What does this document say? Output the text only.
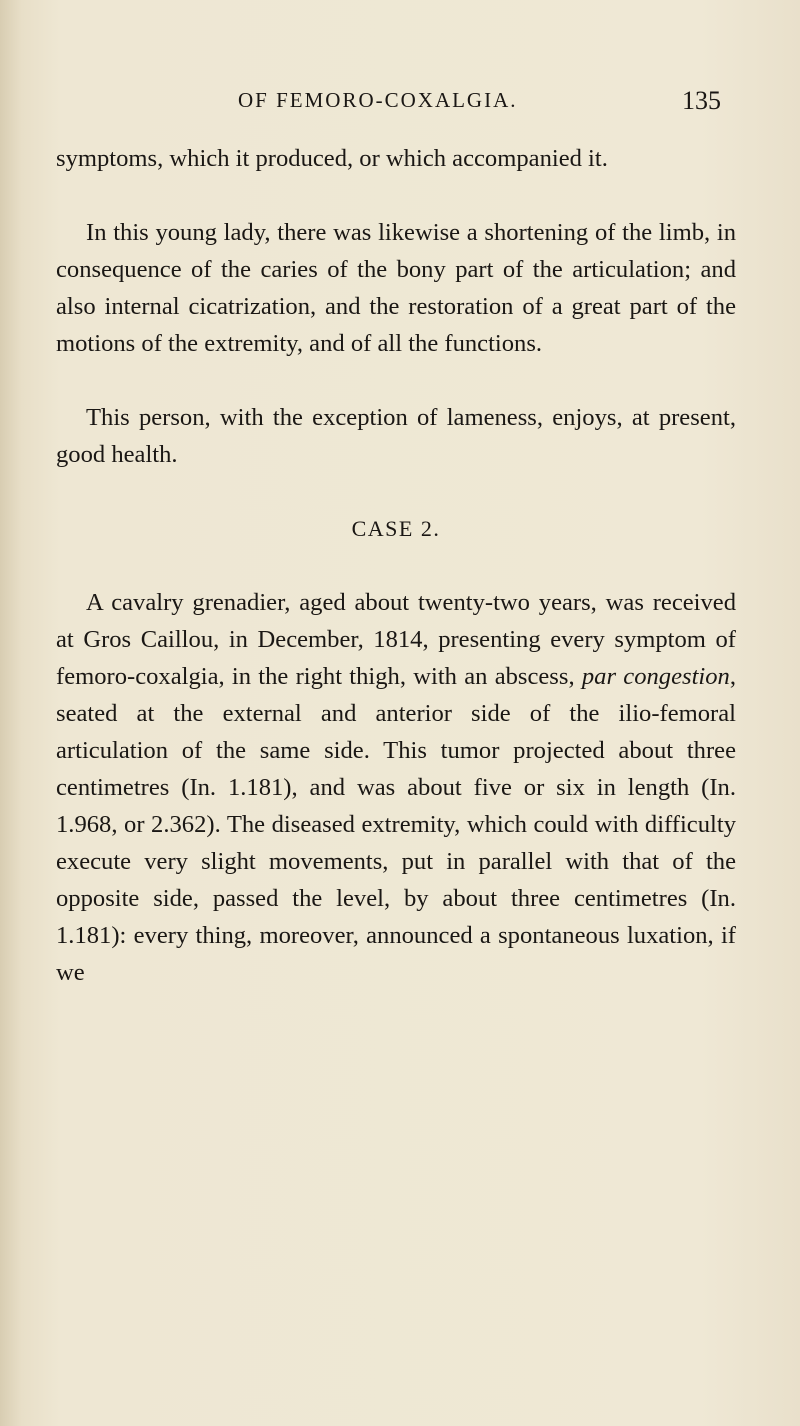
OF FEMORO-COXALGIA.	135

symptoms, which it produced, or which accompanied it.

In this young lady, there was likewise a shortening of the limb, in consequence of the caries of the bony part of the articulation; and also internal cicatrization, and the restoration of a great part of the motions of the extremity, and of all the functions.

This person, with the exception of lameness, enjoys, at present, good health.

CASE 2.

A cavalry grenadier, aged about twenty-two years, was received at Gros Caillou, in December, 1814, presenting every symptom of femoro-coxalgia, in the right thigh, with an abscess, par congestion, seated at the external and anterior side of the ilio-femoral articulation of the same side. This tumor projected about three centimetres (In. 1.181), and was about five or six in length (In. 1.968, or 2.362). The diseased extremity, which could with difficulty execute very slight movements, put in parallel with that of the opposite side, passed the level, by about three centimetres (In. 1.181): every thing, moreover, announced a spontaneous luxation, if we
